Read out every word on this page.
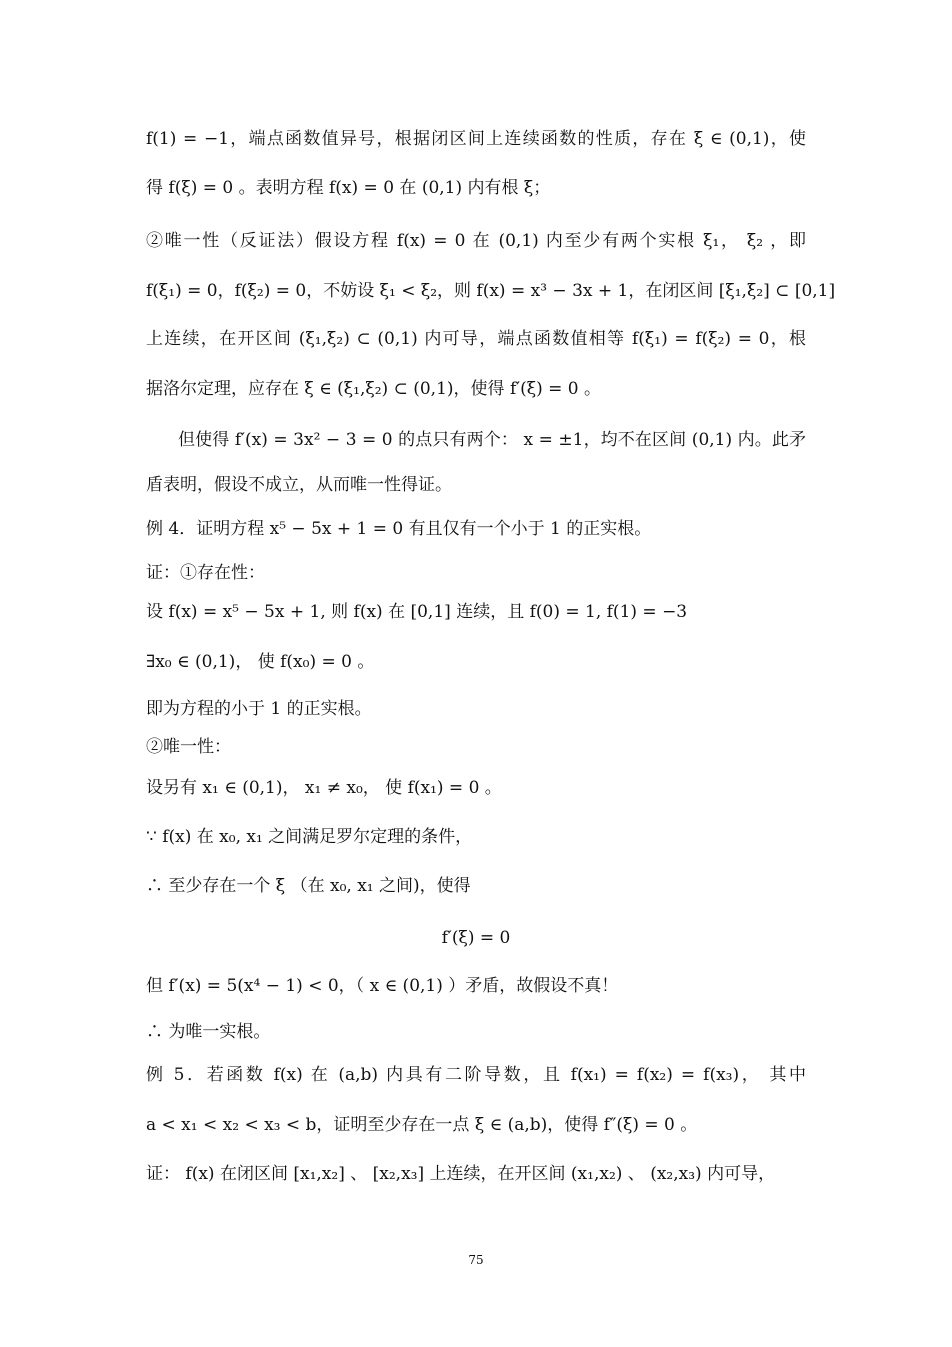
f(1) = −1，端点函数值异号，根据闭区间上连续函数的性质，存在 ξ ∈ (0,1)，使
得 f(ξ) = 0 。表明方程 f(x) = 0 在 (0,1) 内有根 ξ；
②唯一性（反证法）假设方程 f(x) = 0 在 (0,1) 内至少有两个实根 ξ₁， ξ₂ ，即
f(ξ₁) = 0，f(ξ₂) = 0，不妨设 ξ₁ < ξ₂，则 f(x) = x³ − 3x + 1，在闭区间 [ξ₁,ξ₂] ⊂ [0,1]
上连续，在开区间 (ξ₁,ξ₂) ⊂ (0,1) 内可导，端点函数值相等 f(ξ₁) = f(ξ₂) = 0，根
据洛尔定理，应存在 ξ ∈ (ξ₁,ξ₂) ⊂ (0,1)，使得 f′(ξ) = 0 。
但使得 f′(x) = 3x² − 3 = 0 的点只有两个： x = ±1，均不在区间 (0,1) 内。此矛
盾表明，假设不成立，从而唯一性得证。
例 4．证明方程 x⁵ − 5x + 1 = 0 有且仅有一个小于 1 的正实根。
证：①存在性：
设 f(x) = x⁵ − 5x + 1, 则 f(x) 在 [0,1] 连续，且 f(0) = 1, f(1) = −3
∃x₀ ∈ (0,1)， 使 f(x₀) = 0 。
即为方程的小于 1 的正实根。
②唯一性：
设另有 x₁ ∈ (0,1)， x₁ ≠ x₀， 使 f(x₁) = 0 。
∵ f(x) 在 x₀, x₁ 之间满足罗尔定理的条件，
∴ 至少存在一个 ξ （在 x₀, x₁ 之间)，使得
f′(ξ) = 0
但 f′(x) = 5(x⁴ − 1) < 0，（ x ∈ (0,1) ）矛盾，故假设不真！
∴ 为唯一实根。
例 5．若函数 f(x) 在 (a,b) 内具有二阶导数，且 f(x₁) = f(x₂) = f(x₃)， 其中
a < x₁ < x₂ < x₃ < b，证明至少存在一点 ξ ∈ (a,b)，使得 f″(ξ) = 0 。
证： f(x) 在闭区间 [x₁,x₂] 、 [x₂,x₃] 上连续，在开区间 (x₁,x₂) 、 (x₂,x₃) 内可导，
75
